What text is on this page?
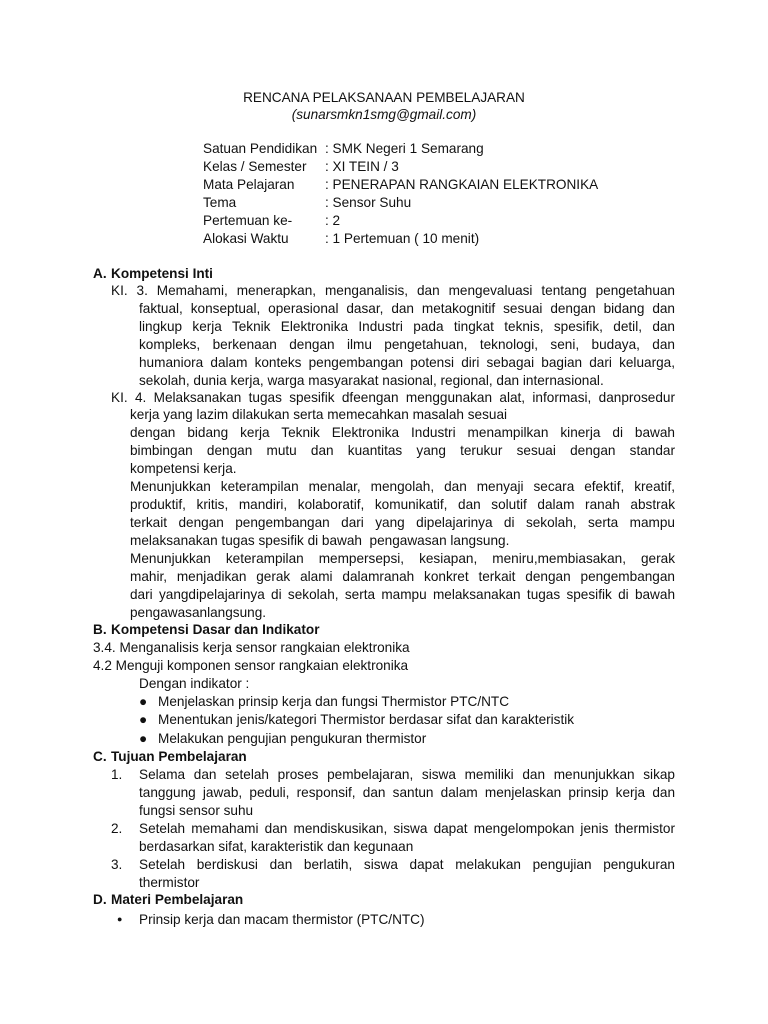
RENCANA PELAKSANAAN PEMBELAJARAN
(sunarsmkn1smg@gmail.com)
Satuan Pendidikan : SMK Negeri 1 Semarang
Kelas / Semester : XI TEIN / 3
Mata Pelajaran : PENERAPAN RANGKAIAN ELEKTRONIKA
Tema	: Sensor Suhu
Pertemuan ke- : 2
Alokasi Waktu	: 1 Pertemuan ( 10 menit)
A. Kompetensi Inti
KI. 3. Memahami, menerapkan, menganalisis, dan mengevaluasi tentang pengetahuan
faktual, konseptual, operasional dasar, dan metakognitif sesuai dengan bidang dan
lingkup kerja Teknik Elektronika Industri pada tingkat teknis, spesifik, detil, dan
kompleks, berkenaan dengan ilmu pengetahuan, teknologi, seni, budaya, dan
humaniora dalam konteks pengembangan potensi diri sebagai bagian dari keluarga,
sekolah, dunia kerja, warga masyarakat nasional, regional, dan internasional.
KI. 4. Melaksanakan tugas spesifik dfeengan menggunakan alat, informasi, danprosedur
kerja yang lazim dilakukan serta memecahkan masalah sesuai
dengan bidang kerja Teknik Elektronika Industri menampilkan kinerja di bawah
bimbingan dengan mutu dan kuantitas yang terukur sesuai dengan standar
kompetensi kerja.
Menunjukkan keterampilan menalar, mengolah, dan menyaji secara efektif, kreatif,
produktif, kritis, mandiri, kolaboratif, komunikatif, dan solutif dalam ranah abstrak
terkait dengan pengembangan dari yang dipelajarinya di sekolah, serta mampu
melaksanakan tugas spesifik di bawah  pengawasan langsung.
Menunjukkan keterampilan mempersepsi, kesiapan, meniru,membiasakan, gerak
mahir, menjadikan gerak alami dalamranah konkret terkait dengan pengembangan
dari yangdipelajarinya di sekolah, serta mampu melaksanakan tugas spesifik di bawah
pengawasanlangsung.
B. Kompetensi Dasar dan Indikator
3.4. Menganalisis kerja sensor rangkaian elektronika
4.2 Menguji komponen sensor rangkaian elektronika
Dengan indikator :
● Menjelaskan prinsip kerja dan fungsi Thermistor PTC/NTC
● Menentukan jenis/kategori Thermistor berdasar sifat dan karakteristik
● Melakukan pengujian pengukuran thermistor
C. Tujuan Pembelajaran
1. Selama dan setelah proses pembelajaran, siswa memiliki dan menunjukkan sikap
tanggung jawab, peduli, responsif, dan santun dalam menjelaskan prinsip kerja dan
fungsi sensor suhu
2. Setelah memahami dan mendiskusikan, siswa dapat mengelompokan jenis thermistor
berdasarkan sifat, karakteristik dan kegunaan
3. Setelah berdiskusi dan berlatih, siswa dapat melakukan pengujian pengukuran
thermistor
D. Materi Pembelajaran
● Prinsip kerja dan macam thermistor (PTC/NTC)
